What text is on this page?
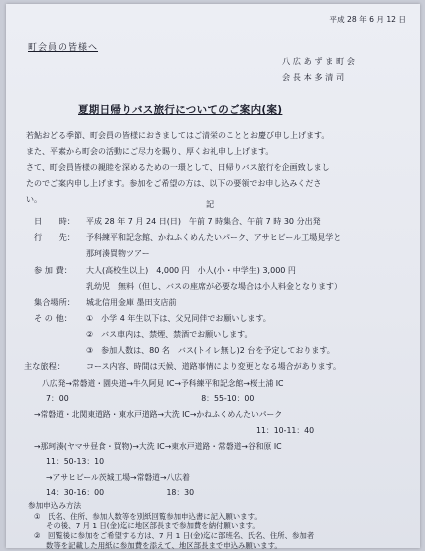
平成 28 年 6 月 12 日
町会員の皆様へ
八 広 あ ず ま 町 会
会 長 本 多 清 司
夏期日帰りバス旅行についてのご案内(案)
若鮎おどる季節、町会員の皆様におきましてはご清栄のこととお慶び申し上げます。
また、平素から町会の活動にご尽力を賜り、厚くお礼申し上げます。
さて、町会員皆様の親睦を深めるための一環として、日帰りバス旅行を企画致しまし
たのでご案内申し上げます。参加をご希望の方は、以下の要領でお申し込みくださ
い。	記
日　　時： 平成 28 年 7 月 24 日(日)　午前 7 時集合、午前 7 時 30 分出発
行　　先： 予科練平和記念館、かねふくめんたいパーク、アサヒビール工場見学と
那珂湊買物ツアー
参 加 費： 大人(高校生以上)　4,000 円　小人(小・中学生) 3,000 円
乳幼児　無料（但し、バスの座席が必要な場合は小人料金となります）
集合場所： 城北信用金庫 墨田支店前
そ の 他： ①　小学 4 年生以下は、父兄同伴でお願いします。
②　バス車内は、禁煙、禁酒でお願いします。
③　参加人数は、80 名　バス(トイレ無し)2 台を予定しております。
主な旅程：	コース内容、時間は天候、道路事情により変更となる場合があります。
八広発→常磐道・園央道→牛久阿見 IC→予科練平和記念館→桜土浦 IC
7：00　　　　　　　　　　　　　　　　　8：55-10：00
→常磐道・北関東道路・東水戸道路→大洗 IC→かねふくめんたいパーク
11：10-11：40
→那珂湊(ヤマサ昼食・買物)→大洗 IC→東水戸道路・常磐道→谷和原 IC
11：50-13：10
→アサヒビール茨城工場→常磐道→八広着
14：30-16：00　　　　　　　　18：30
参加申込み方法
①　氏名、住所、参加人数等を別紙回覧参加申込書に記入願います。
その後、7 月 1 日(金)迄に地区部長まで参加費を納付願います。
②　回覧後に参加をご希望する方は、7 月 1 日(金)迄に部班名、氏名、住所、参加者
数等を記載した用紙に参加費を添えて、地区部長まで申込み願います。
